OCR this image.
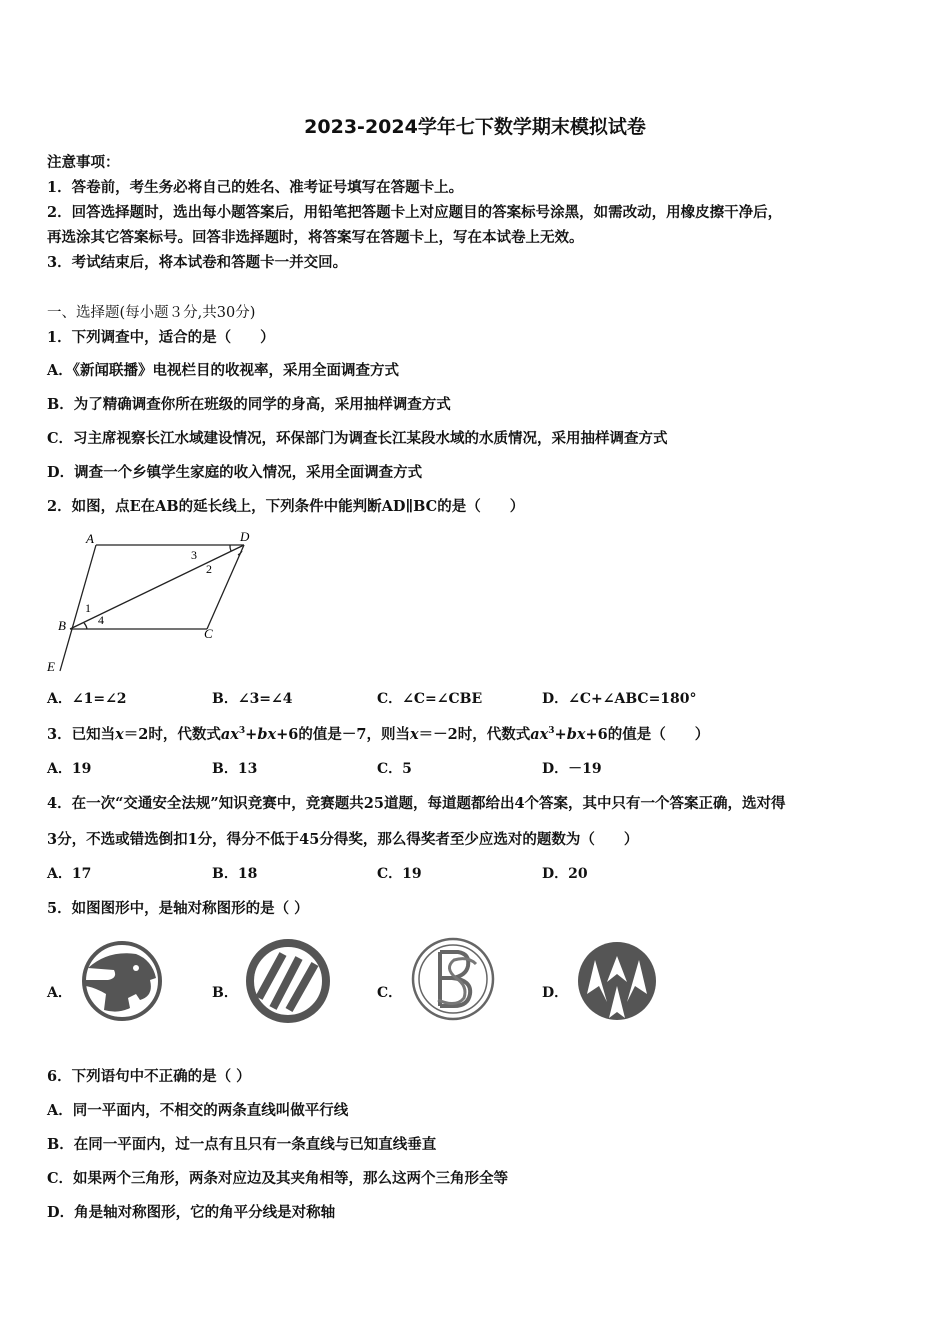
2023-2024学年七下数学期末模拟试卷
注意事项：
1．答卷前，考生务必将自己的姓名、准考证号填写在答题卡上。
2．回答选择题时，选出每小题答案后，用铅笔把答题卡上对应题目的答案标号涂黑，如需改动，用橡皮擦干净后，
再选涂其它答案标号。回答非选择题时，将答案写在答题卡上，写在本试卷上无效。
3．考试结束后，将本试卷和答题卡一并交回。
一、选择题(每小题３分,共30分)
1．下列调查中，适合的是（　　）
A．《新闻联播》电视栏目的收视率，采用全面调查方式
B．为了精确调查你所在班级的同学的身高，采用抽样调查方式
C．习主席视察长江水域建设情况，环保部门为调查长江某段水域的水质情况，采用抽样调查方式
D．调查一个乡镇学生家庭的收入情况，采用全面调查方式
2．如图，点E在AB的延长线上，下列条件中能判断AD∥BC的是（　　）
A	D
B
C
E
1
2
3
4
A．∠1=∠2	B．∠3=∠4	C．∠C=∠CBE	D．∠C+∠ABC=180°
3．已知当x＝2时，代数式$ax^3+bx+6$的值是－7，则当x＝－2时，代数式$ax^3+bx+6$的值是（　　）
A．19	B．13	C．5	D．－19
4．在一次“交通安全法规”知识竞赛中，竞赛题共25道题，每道题都给出4个答案，其中只有一个答案正确，选对得
3分，不选或错选倒扣1分，得分不低于45分得奖，那么得奖者至少应选对的题数为（　　）
A．17	B．18	C．19	D．20
5．如图图形中，是轴对称图形的是（ ）
A．	B．	C．	D．
6．下列语句中不正确的是（ ）
A．同一平面内，不相交的两条直线叫做平行线
B．在同一平面内，过一点有且只有一条直线与已知直线垂直
C．如果两个三角形，两条对应边及其夹角相等，那么这两个三角形全等
D．角是轴对称图形，它的角平分线是对称轴
